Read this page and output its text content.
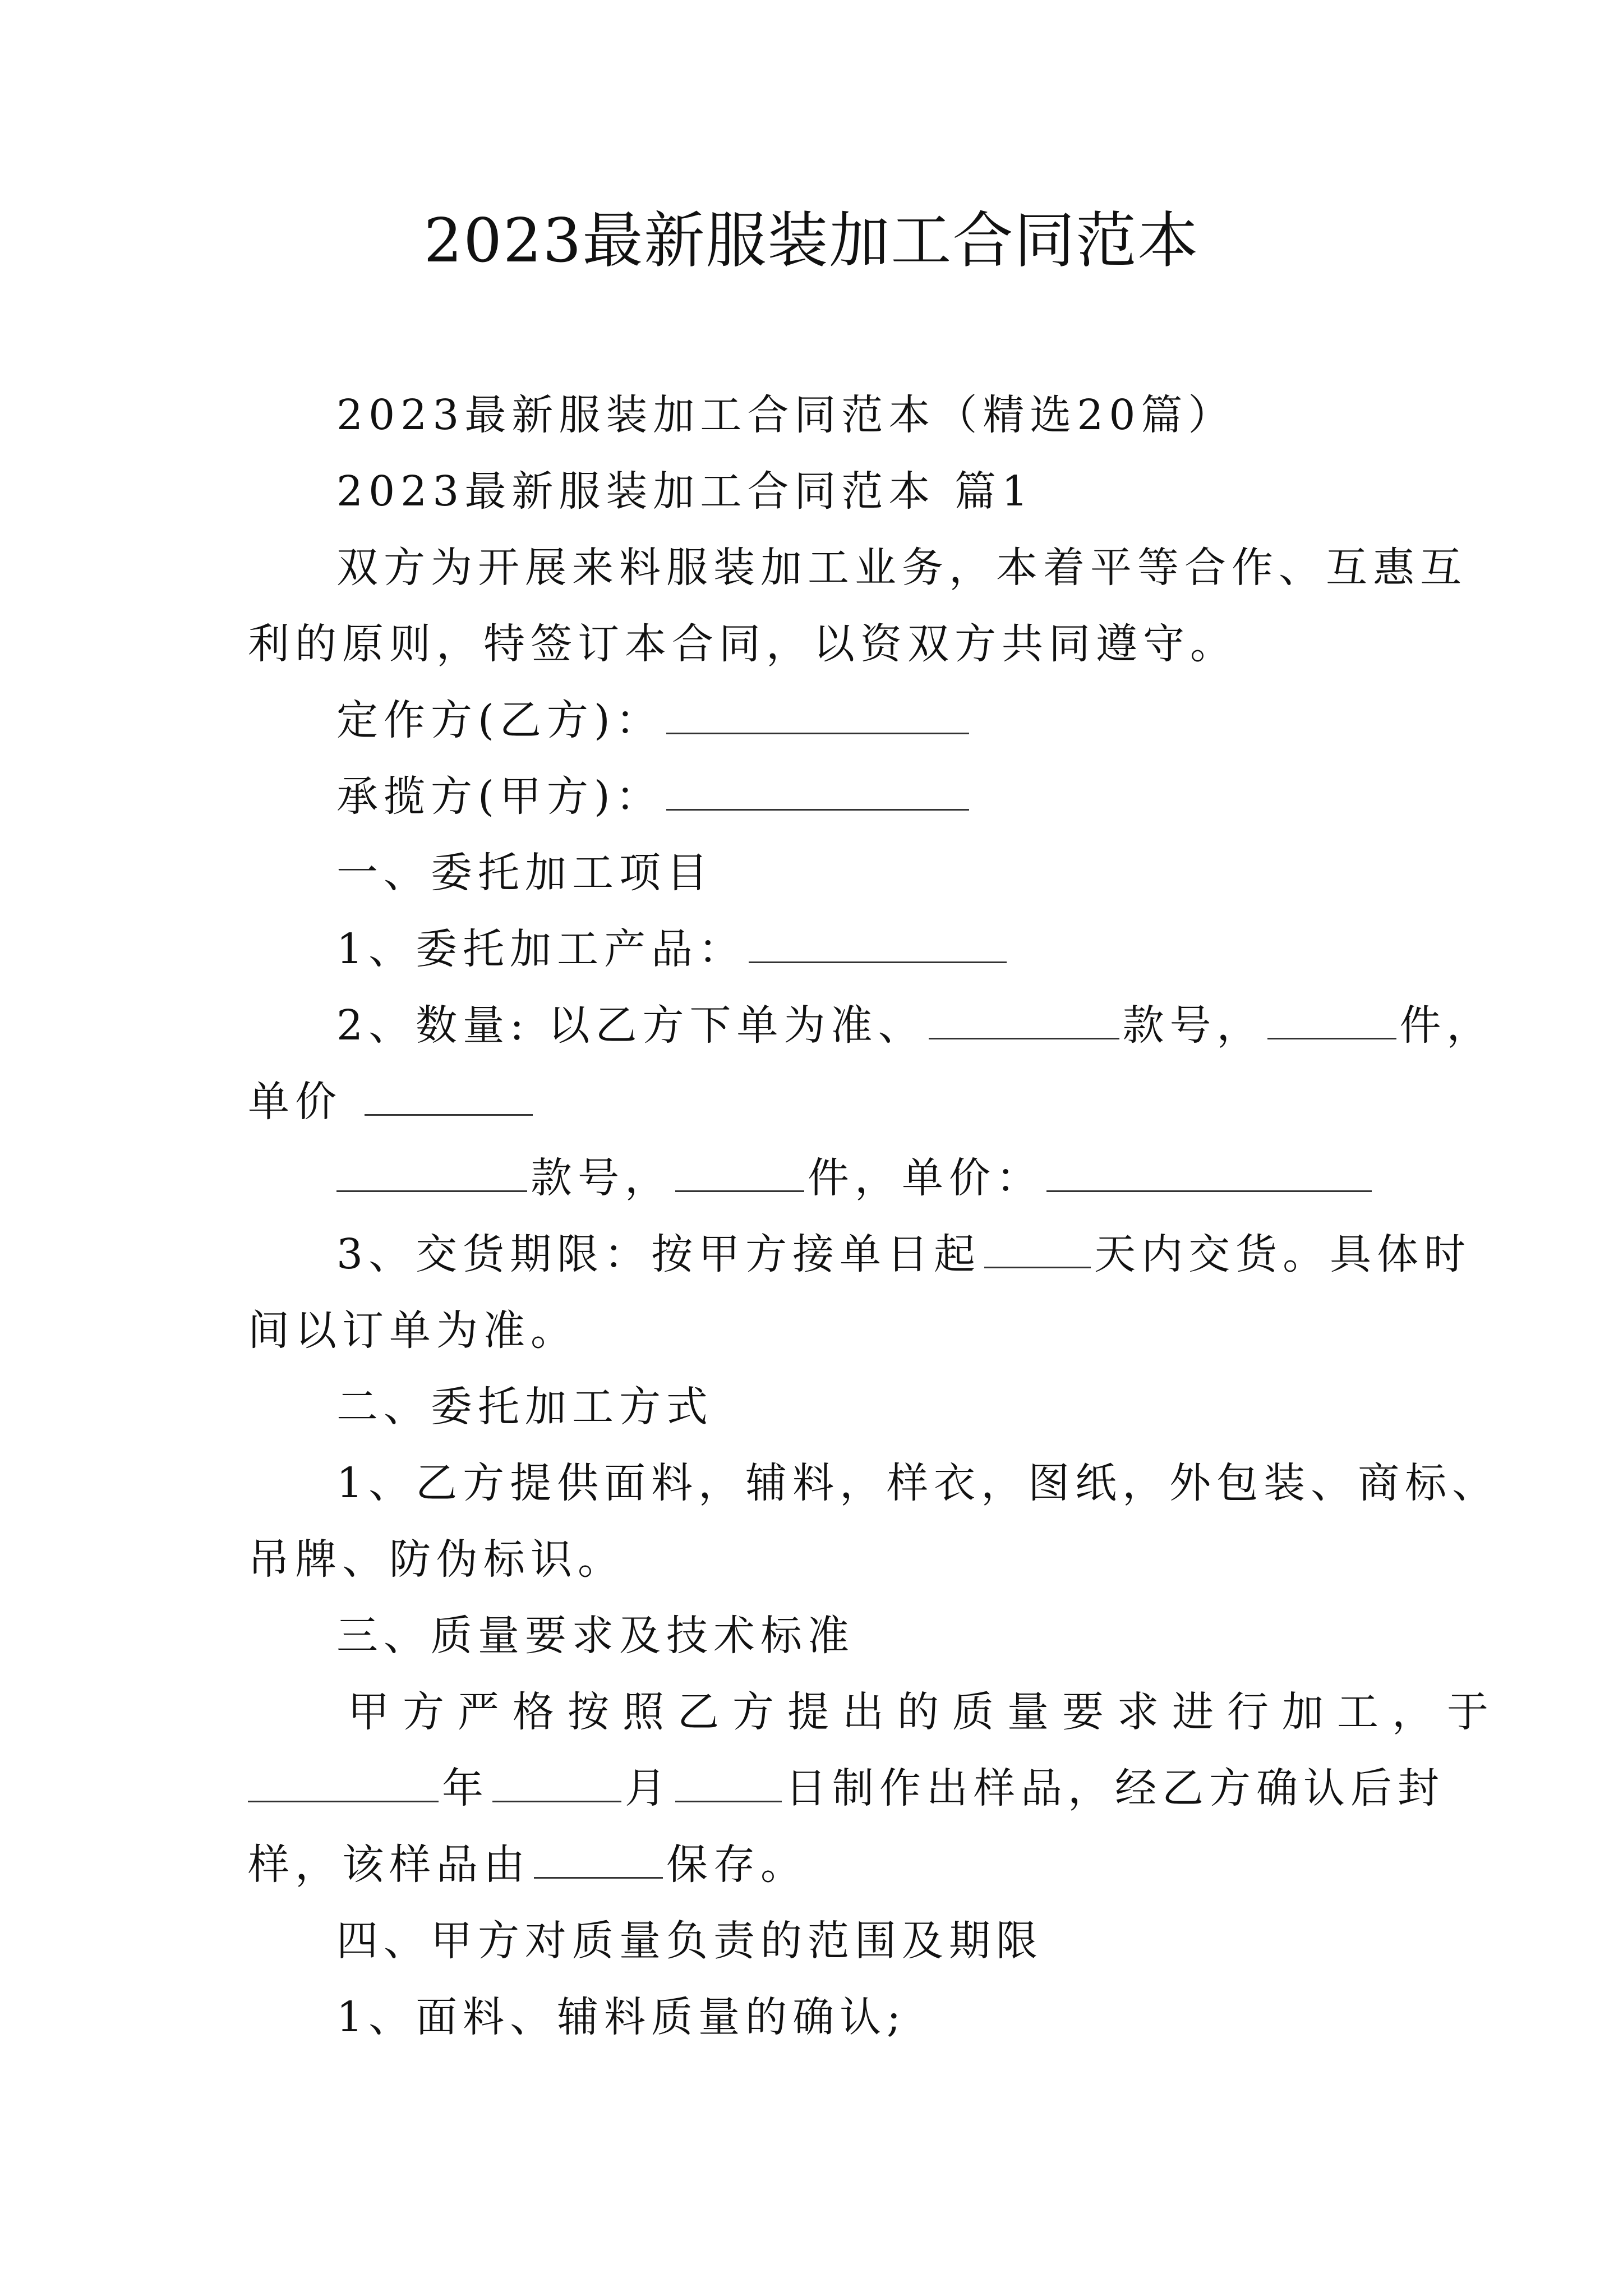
2023最新服装加工合同范本
2023最新服装加工合同范本（精选20篇）
2023最新服装加工合同范本 篇1
双方为开展来料服装加工业务，本着平等合作、互惠互
利的原则，特签订本合同，以资双方共同遵守。
定作方(乙方)：
承揽方(甲方)：
一、委托加工项目
1、委托加工产品：
2、数量: 以乙方下单为准、	款号，	件，
单价
款号，	件，单价：
3、交货期限：按甲方接单日起	天内交货。具体时
间以订单为准。
二、委托加工方式
1、乙方提供面料，辅料，样衣，图纸，外包装、商标、
吊牌、防伪标识。
三、质量要求及技术标准
甲方严格按照乙方提出的质量要求进行加工，于
年	月	日制作出样品，经乙方确认后封
样，该样品由	保存。
四、甲方对质量负责的范围及期限
1、面料、辅料质量的确认;
